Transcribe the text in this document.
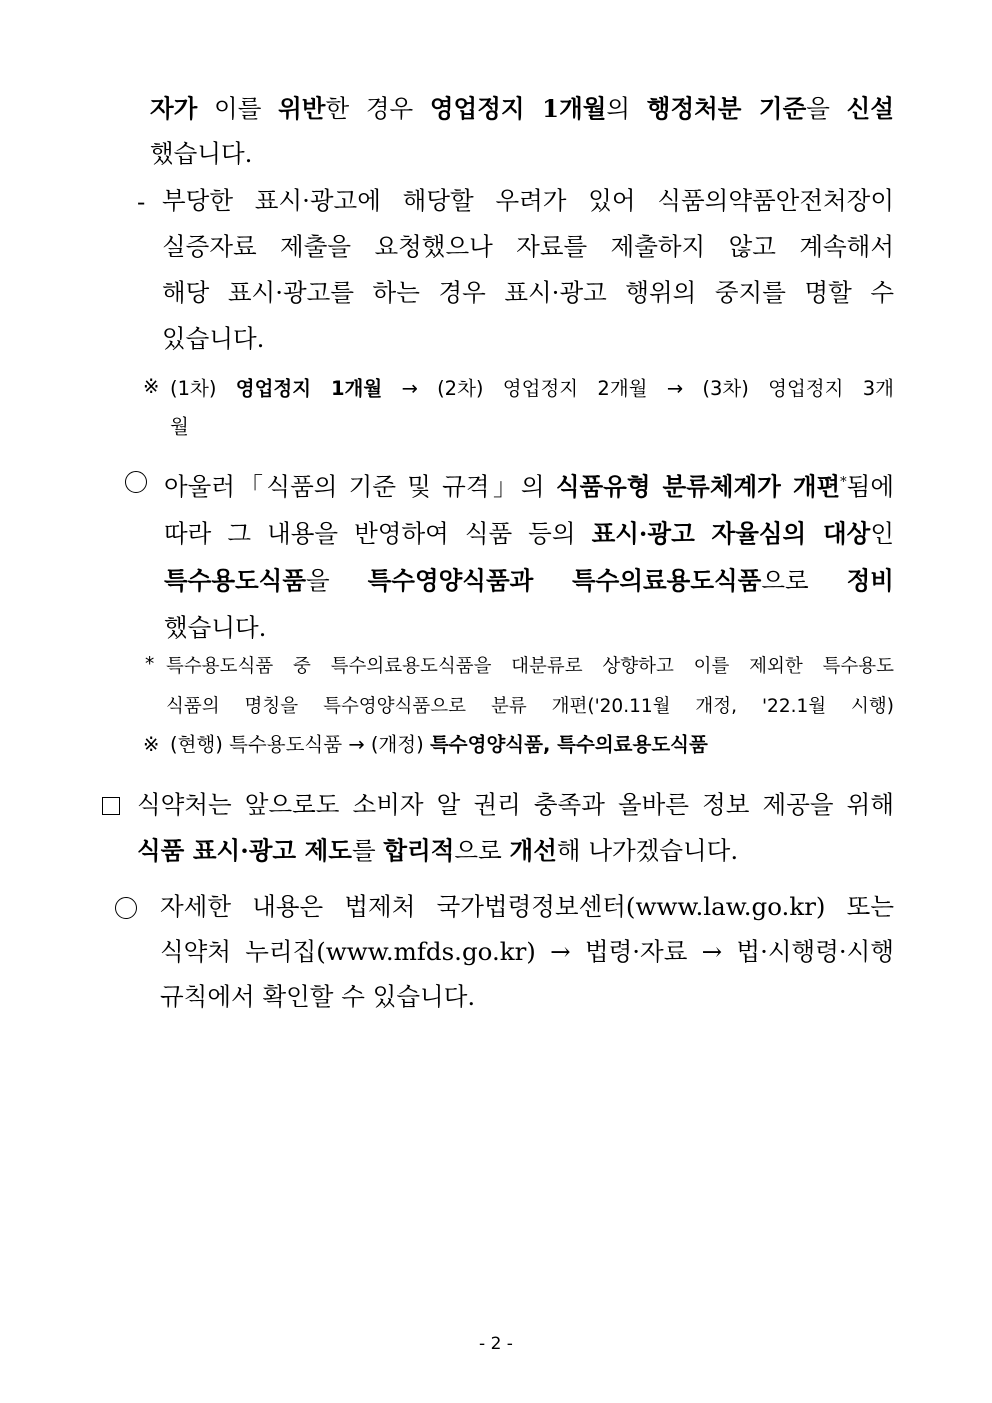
자가 이를 위반한 경우 영업정지 1개월의 행정처분 기준을 신설
했습니다.
- 부당한 표시·광고에 해당할 우려가 있어 식품의약품안전처장이
실증자료 제출을 요청했으나 자료를 제출하지 않고 계속해서
해당 표시·광고를 하는 경우 표시·광고 행위의 중지를 명할 수
있습니다.
※ (1차) 영업정지 1개월 → (2차) 영업정지 2개월 → (3차) 영업정지 3개
월
아울러「식품의 기준 및 규격」의 식품유형 분류체계가 개편*됨에
따라 그 내용을 반영하여 식품 등의 표시·광고 자율심의 대상인
특수용도식품을 특수영양식품과 특수의료용도식품으로 정비
했습니다.
* 특수용도식품 중 특수의료용도식품을 대분류로 상향하고 이를 제외한 특수용도
식품의 명칭을 특수영양식품으로 분류 개편('20.11월 개정, '22.1월 시행)
※ (현행) 특수용도식품 → (개정) 특수영양식품, 특수의료용도식품
식약처는 앞으로도 소비자 알 권리 충족과 올바른 정보 제공을 위해
식품 표시·광고 제도를 합리적으로 개선해 나가겠습니다.
자세한 내용은 법제처 국가법령정보센터(www.law.go.kr) 또는
식약처 누리집(www.mfds.go.kr) → 법령·자료 → 법·시행령·시행
규칙에서 확인할 수 있습니다.
- 2 -
